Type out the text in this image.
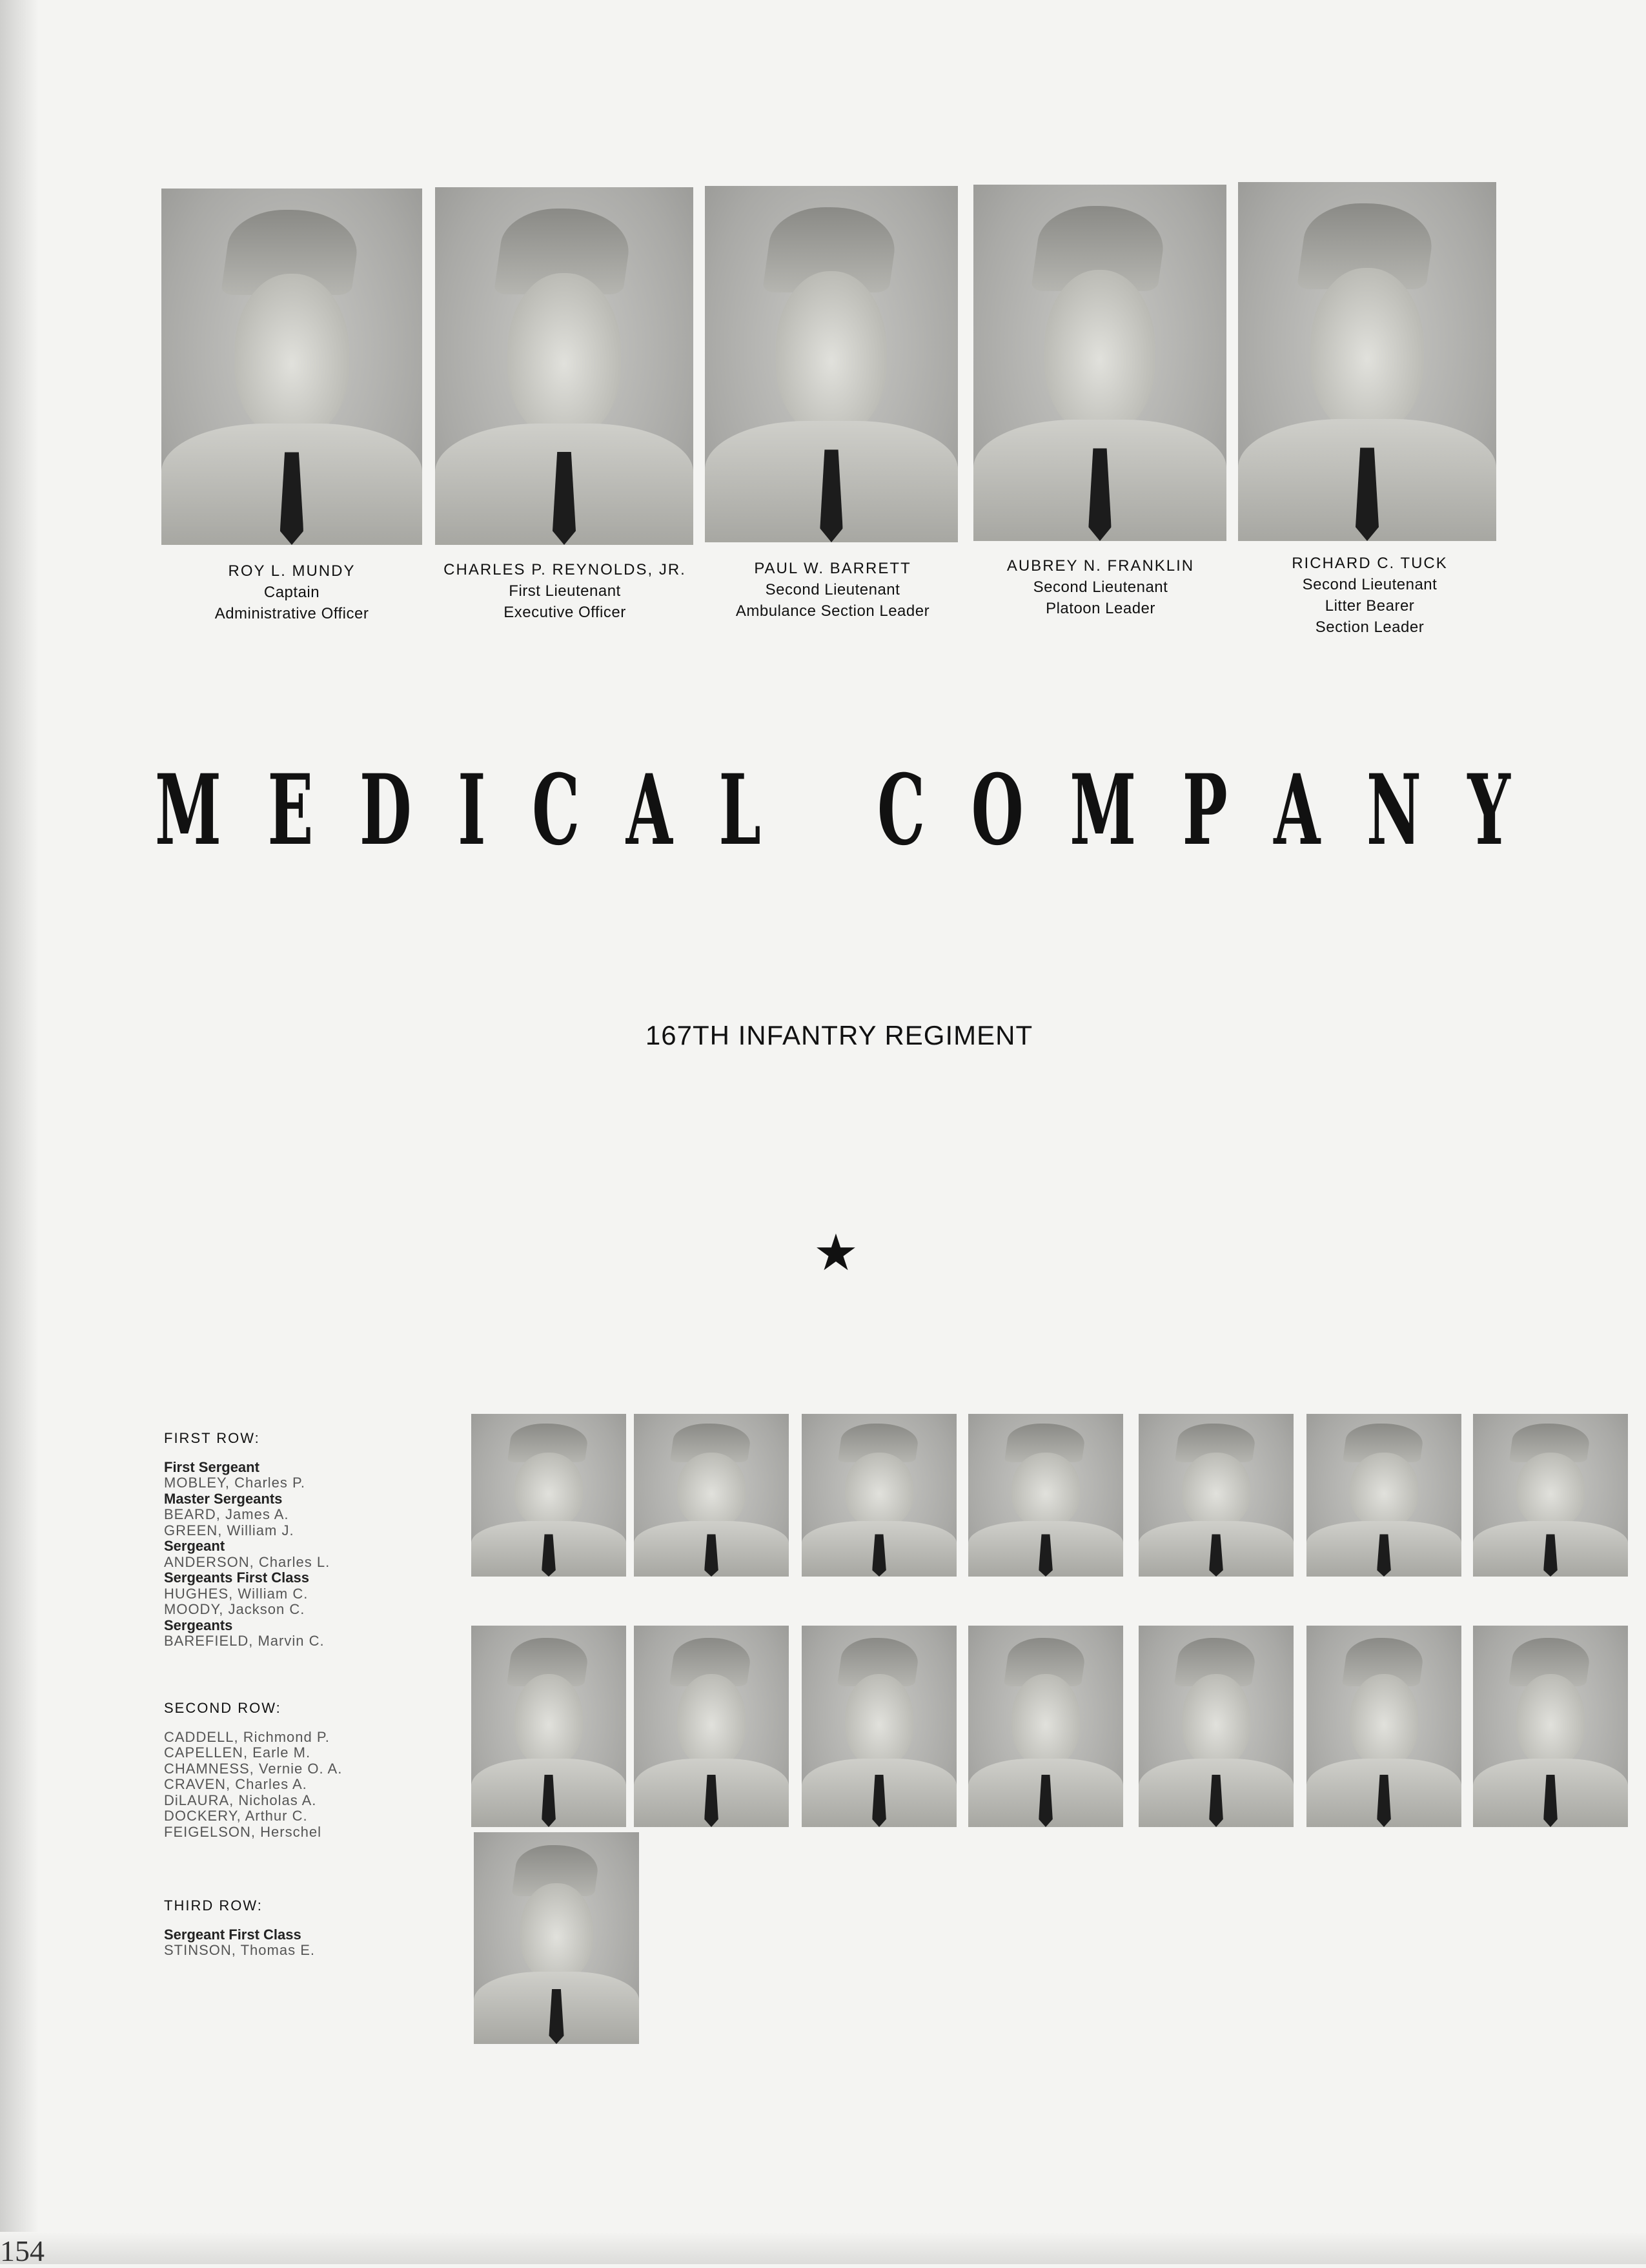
ROY L. MUNDY
Captain
Administrative Officer
CHARLES P. REYNOLDS, JR.
First Lieutenant
Executive Officer
PAUL W. BARRETT
Second Lieutenant
Ambulance Section Leader
AUBREY N. FRANKLIN
Second Lieutenant
Platoon Leader
RICHARD C. TUCK
Second Lieutenant
Litter Bearer
Section Leader
M E D I C A L C O M P A N Y
167TH INFANTRY REGIMENT
★
FIRST ROW:
First Sergeant
MOBLEY, Charles P.
Master Sergeants
BEARD, James A.
GREEN, William J.
Sergeant
ANDERSON, Charles L.
Sergeants First Class
HUGHES, William C.
MOODY, Jackson C.
Sergeants
BAREFIELD, Marvin C.
SECOND ROW:
CADDELL, Richmond P.
CAPELLEN, Earle M.
CHAMNESS, Vernie O. A.
CRAVEN, Charles A.
DiLAURA, Nicholas A.
DOCKERY, Arthur C.
FEIGELSON, Herschel
THIRD ROW:
Sergeant First Class
STINSON, Thomas E.
154
